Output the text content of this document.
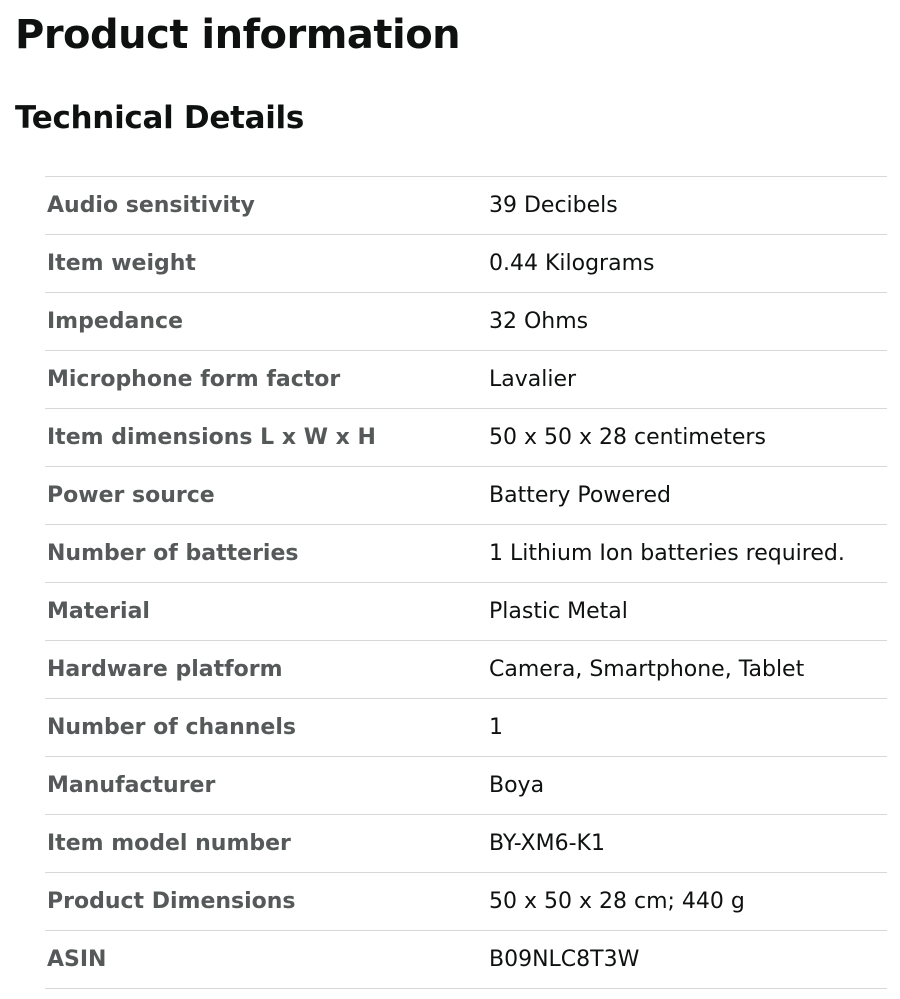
Product information
Technical Details
Audio sensitivity	39 Decibels
Item weight	0.44 Kilograms
Impedance	32 Ohms
Microphone form factor	Lavalier
Item dimensions L x W x H	50 x 50 x 28 centimeters
Power source	Battery Powered
Number of batteries	1 Lithium Ion batteries required.
Material	Plastic Metal
Hardware platform	Camera, Smartphone, Tablet
Number of channels	1
Manufacturer	Boya
Item model number	BY-XM6-K1
Product Dimensions	50 x 50 x 28 cm; 440 g
ASIN	B09NLC8T3W
